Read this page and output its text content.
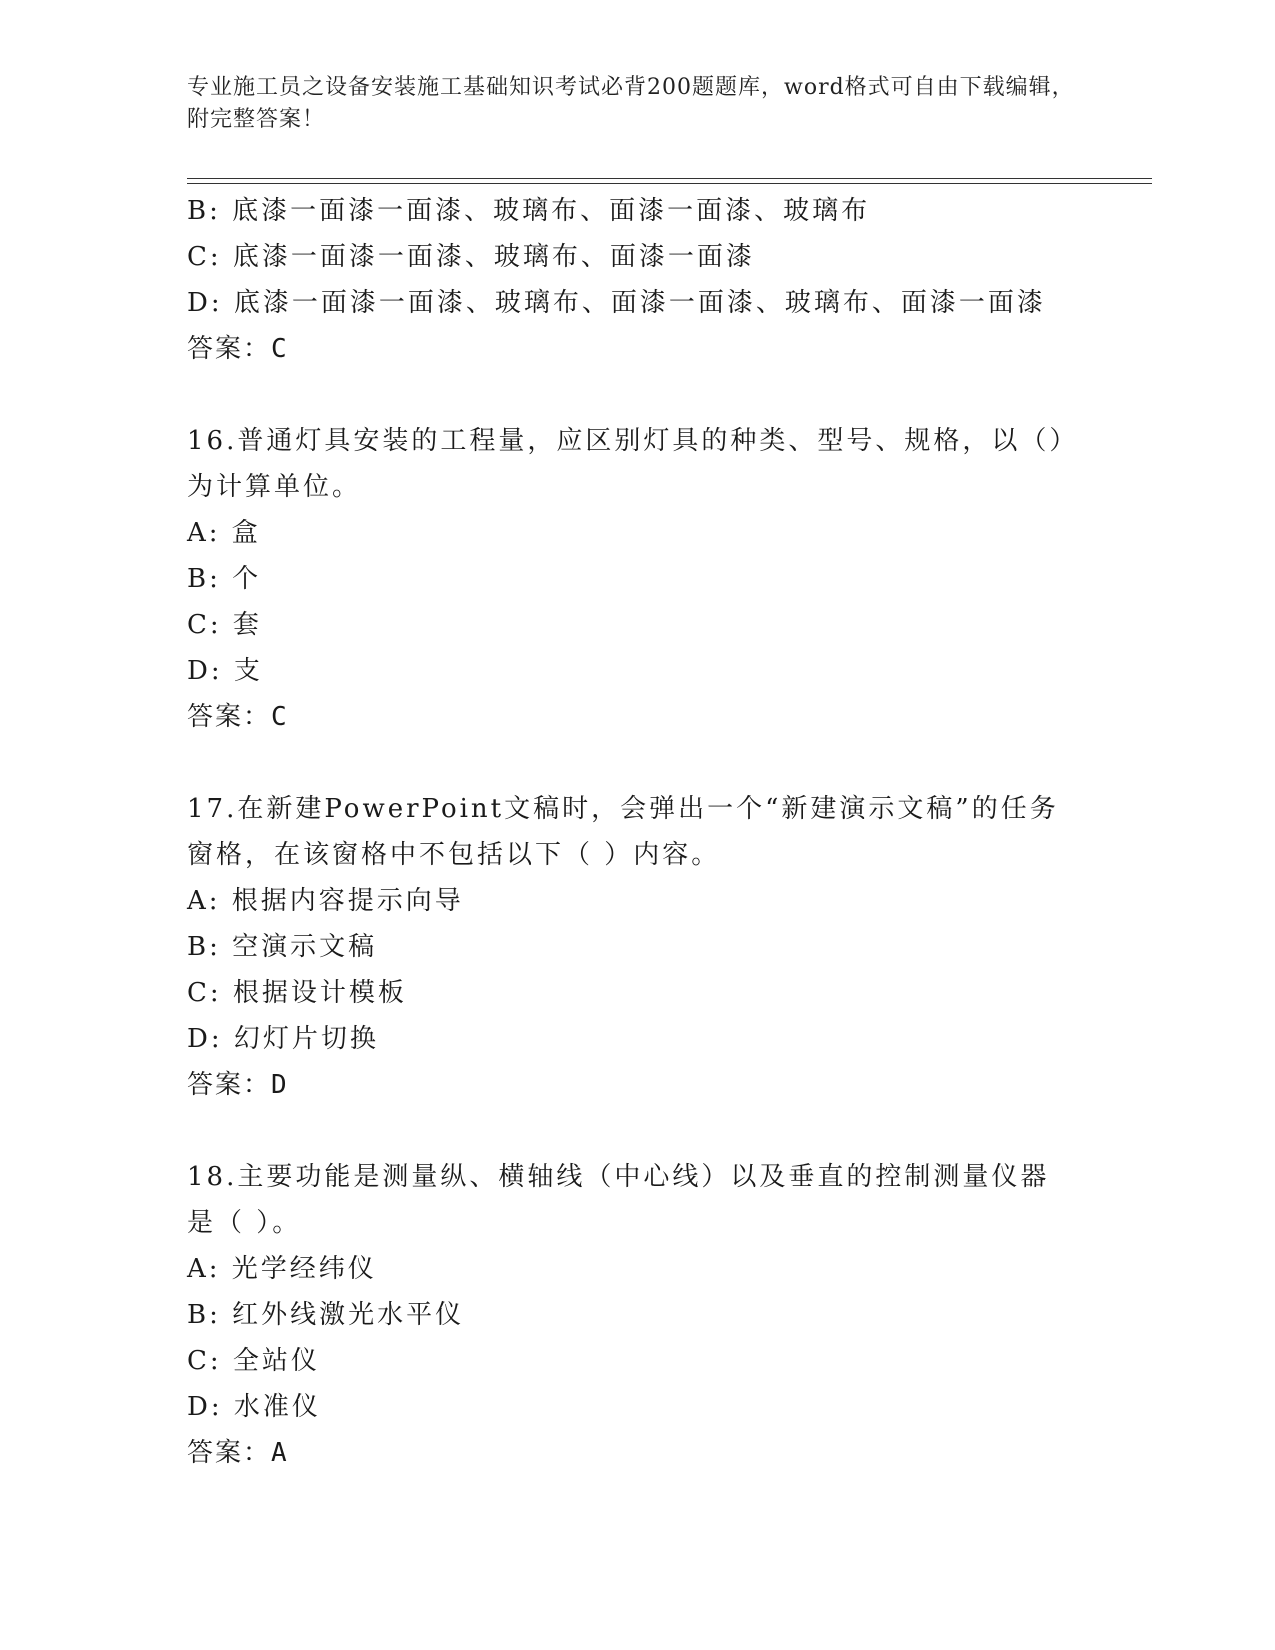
专业施工员之设备安装施工基础知识考试必背200题题库，word格式可自由下载编辑，附完整答案！
B: 底漆一面漆一面漆、玻璃布、面漆一面漆、玻璃布
C: 底漆一面漆一面漆、玻璃布、面漆一面漆
D: 底漆一面漆一面漆、玻璃布、面漆一面漆、玻璃布、面漆一面漆
答案：C
16.普通灯具安装的工程量，应区别灯具的种类、型号、规格，以（）为计算单位。
A: 盒
B: 个
C: 套
D: 支
答案：C
17.在新建PowerPoint文稿时，会弹出一个“新建演示文稿”的任务窗格，在该窗格中不包括以下（ ）内容。
A: 根据内容提示向导
B: 空演示文稿
C: 根据设计模板
D: 幻灯片切换
答案：D
18.主要功能是测量纵、横轴线（中心线）以及垂直的控制测量仪器是（ ）。
A: 光学经纬仪
B: 红外线激光水平仪
C: 全站仪
D: 水准仪
答案：A
